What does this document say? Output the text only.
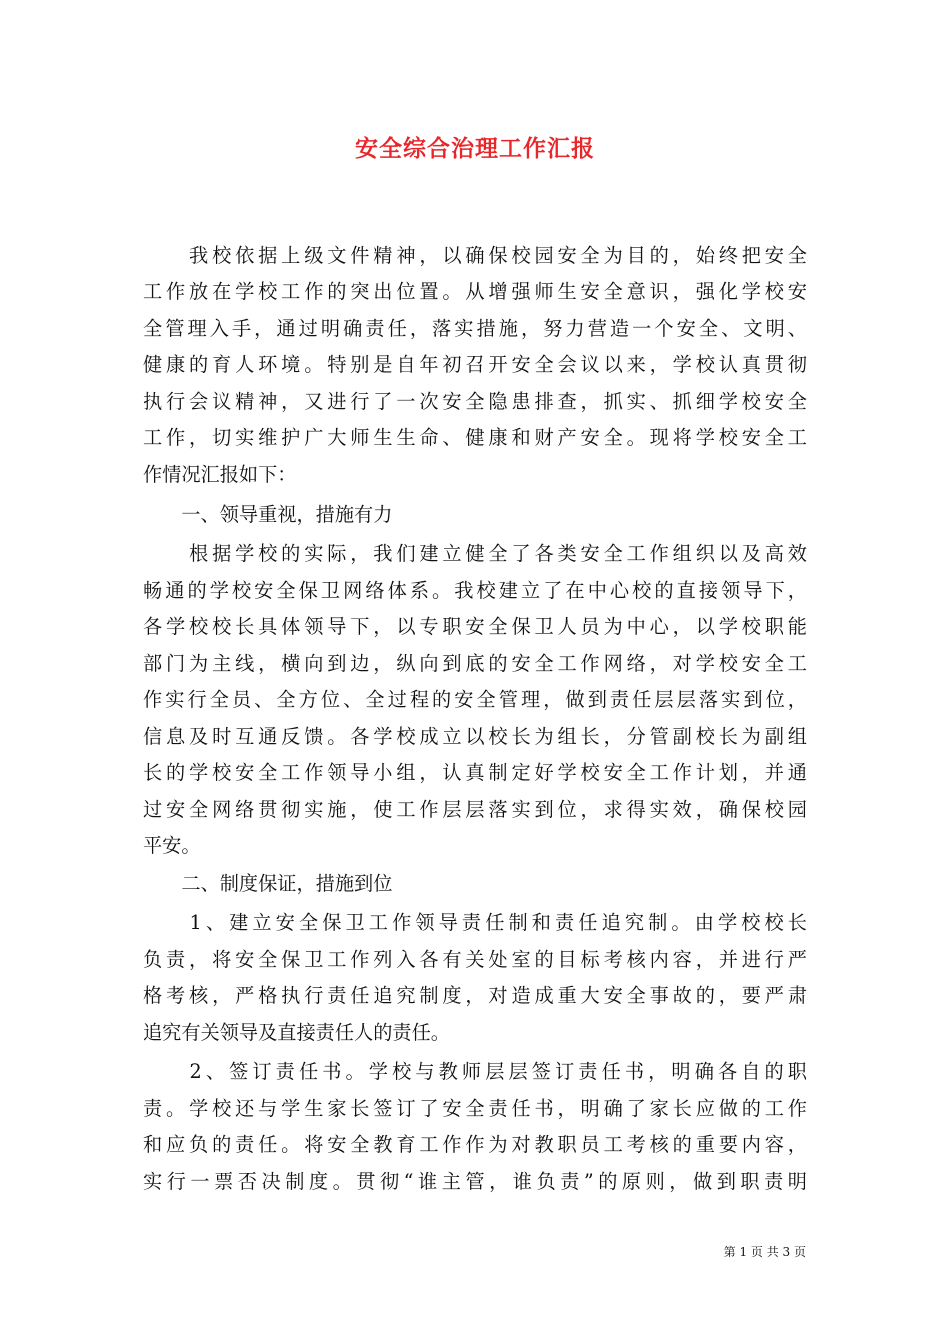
安全综合治理工作汇报

　　我校依据上级文件精神，以确保校园安全为目的，始终把安全

工作放在学校工作的突出位置。从增强师生安全意识，强化学校安

全管理入手，通过明确责任，落实措施，努力营造一个安全、文明、

健康的育人环境。特别是自年初召开安全会议以来，学校认真贯彻

执行会议精神，又进行了一次安全隐患排查，抓实、抓细学校安全

工作，切实维护广大师生生命、健康和财产安全。现将学校安全工

作情况汇报如下：

　　一、领导重视，措施有力

　　根据学校的实际，我们建立健全了各类安全工作组织以及高效

畅通的学校安全保卫网络体系。我校建立了在中心校的直接领导下，

各学校校长具体领导下，以专职安全保卫人员为中心，以学校职能

部门为主线，横向到边，纵向到底的安全工作网络，对学校安全工

作实行全员、全方位、全过程的安全管理，做到责任层层落实到位，

信息及时互通反馈。各学校成立以校长为组长，分管副校长为副组

长的学校安全工作领导小组，认真制定好学校安全工作计划，并通

过安全网络贯彻实施，使工作层层落实到位，求得实效，确保校园

平安。

　　二、制度保证，措施到位

　　1、建立安全保卫工作领导责任制和责任追究制。由学校校长

负责，将安全保卫工作列入各有关处室的目标考核内容，并进行严

格考核，严格执行责任追究制度，对造成重大安全事故的，要严肃

追究有关领导及直接责任人的责任。

　　2、签订责任书。学校与教师层层签订责任书，明确各自的职

责。学校还与学生家长签订了安全责任书，明确了家长应做的工作

和应负的责任。将安全教育工作作为对教职员工考核的重要内容，

实行一票否决制度。贯彻“谁主管，谁负责”的原则，做到职责明

第 1 页 共 3 页
